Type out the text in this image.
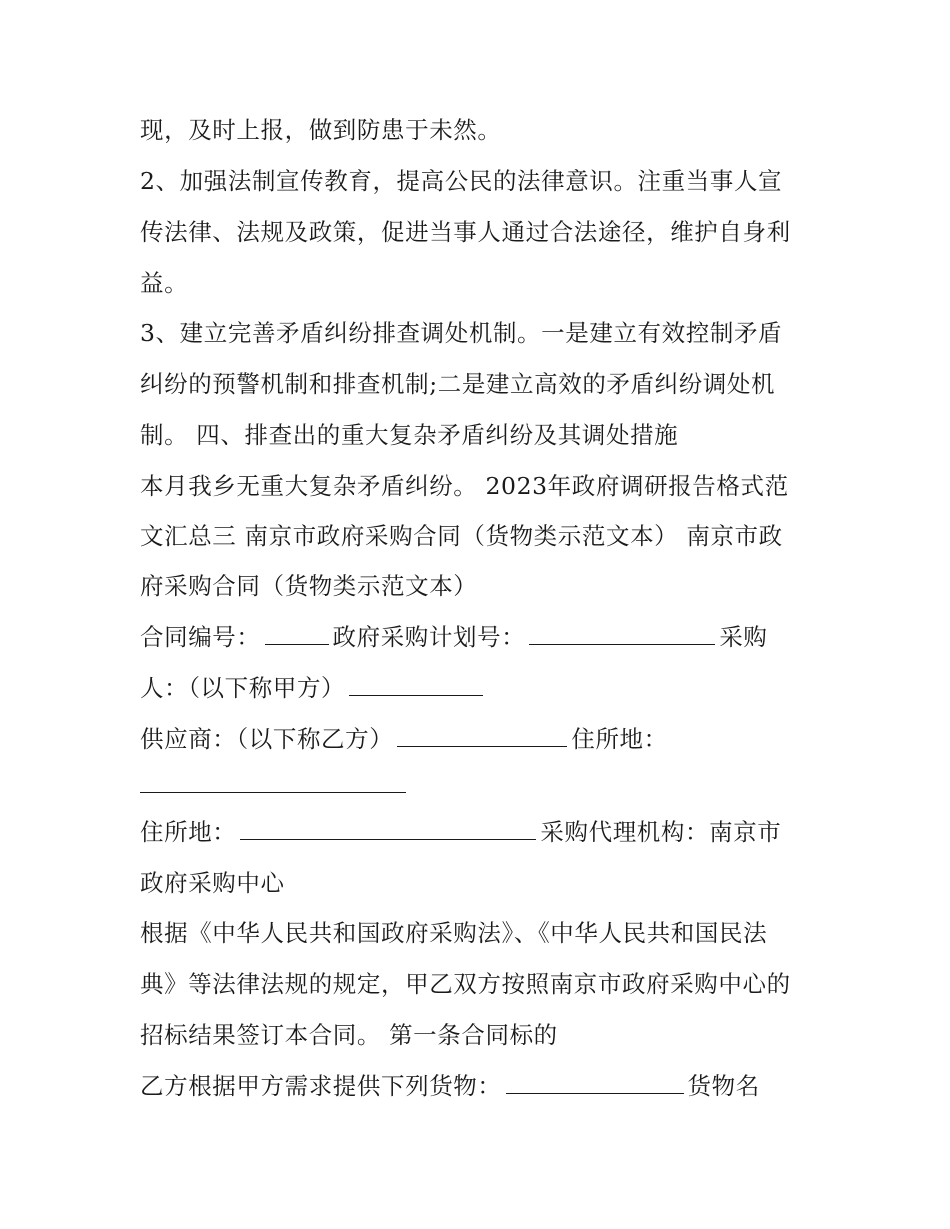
现，及时上报，做到防患于未然。
2、加强法制宣传教育，提高公民的法律意识。注重当事人宣
传法律、法规及政策，促进当事人通过合法途径，维护自身利
益。
3、建立完善矛盾纠纷排查调处机制。一是建立有效控制矛盾
纠纷的预警机制和排查机制;二是建立高效的矛盾纠纷调处机
制。 四、排查出的重大复杂矛盾纠纷及其调处措施
本月我乡无重大复杂矛盾纠纷。 2023年政府调研报告格式范
文汇总三 南京市政府采购合同（货物类示范文本） 南京市政
府采购合同（货物类示范文本）
合同编号：	政府采购计划号：	采购
人：（以下称甲方）
供应商：（以下称乙方）	住所地：
住所地：	采购代理机构：南京市
政府采购中心
根据《中华人民共和国政府采购法》、《中华人民共和国民法
典》等法律法规的规定，甲乙双方按照南京市政府采购中心的
招标结果签订本合同。 第一条合同标的
乙方根据甲方需求提供下列货物：	货物名
